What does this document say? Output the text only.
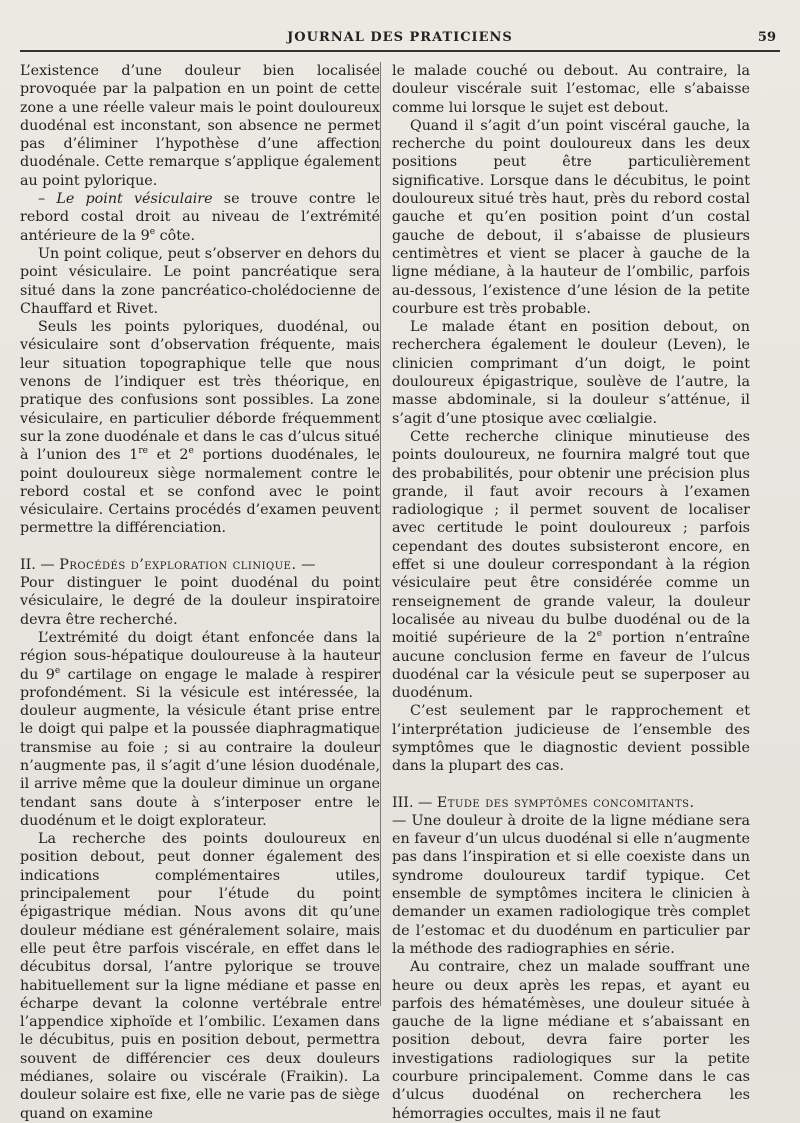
JOURNAL DES PRATICIENS	59

L’existence d’une douleur bien localisée provoquée par la palpation en un point de cette zone a une réelle valeur mais le point douloureux duodénal est inconstant, son absence ne permet pas d’éliminer l’hypothèse d’une affection duodénale. Cette remarque s’applique également au point pylorique.

– Le point vésiculaire se trouve contre le rebord costal droit au niveau de l’extrémité antérieure de la 9e côte.

Un point colique, peut s’observer en dehors du point vésiculaire. Le point pancréatique sera situé dans la zone pancréatico-cholédocienne de Chauffard et Rivet.

Seuls les points pyloriques, duodénal, ou vésiculaire sont d’observation fréquente, mais leur situation topographique telle que nous venons de l’indiquer est très théorique, en pratique des confusions sont possibles. La zone vésiculaire, en particulier déborde fréquemment sur la zone duodénale et dans le cas d’ulcus situé à l’union des 1re et 2e portions duodénales, le point douloureux siège normalement contre le rebord costal et se confond avec le point vésiculaire. Certains procédés d’examen peuvent permettre la différenciation.

II. — Procédés d’exploration clinique. —

Pour distinguer le point duodénal du point vésiculaire, le degré de la douleur inspiratoire devra être recherché.

L’extrémité du doigt étant enfoncée dans la région sous-hépatique douloureuse à la hauteur du 9e cartilage on engage le malade à respirer profondément. Si la vésicule est intéressée, la douleur augmente, la vésicule étant prise entre le doigt qui palpe et la poussée diaphragmatique transmise au foie ; si au contraire la douleur n’augmente pas, il s’agit d’une lésion duodénale, il arrive même que la douleur diminue un organe tendant sans doute à s’interposer entre le duodénum et le doigt explorateur.

La recherche des points douloureux en position debout, peut donner également des indications complémentaires utiles, principalement pour l’étude du point épigastrique médian. Nous avons dit qu’une douleur médiane est généralement solaire, mais elle peut être parfois viscérale, en effet dans le décubitus dorsal, l’antre pylorique se trouve habituellement sur la ligne médiane et passe en écharpe devant la colonne vertébrale entre l’appendice xiphoïde et l’ombilic. L’examen dans le décubitus, puis en position debout, permettra souvent de différencier ces deux douleurs médianes, solaire ou viscérale (Fraikin). La douleur solaire est fixe, elle ne varie pas de siège quand on examine

le malade couché ou debout. Au contraire, la douleur viscérale suit l’estomac, elle s’abaisse comme lui lorsque le sujet est debout.

Quand il s’agit d’un point viscéral gauche, la recherche du point douloureux dans les deux positions peut être particulièrement significative. Lorsque dans le décubitus, le point douloureux situé très haut, près du rebord costal gauche et qu’en position point d’un costal gauche de debout, il s’abaisse de plusieurs centimètres et vient se placer à gauche de la ligne médiane, à la hauteur de l’ombilic, parfois au-dessous, l’existence d’une lésion de la petite courbure est très probable.

Le malade étant en position debout, on recherchera également le douleur (Leven), le clinicien comprimant d’un doigt, le point douloureux épigastrique, soulève de l’autre, la masse abdominale, si la douleur s’atténue, il s’agit d’une ptosique avec cœlialgie.

Cette recherche clinique minutieuse des points douloureux, ne fournira malgré tout que des probabilités, pour obtenir une précision plus grande, il faut avoir recours à l’examen radiologique ; il permet souvent de localiser avec certitude le point douloureux ; parfois cependant des doutes subsisteront encore, en effet si une douleur correspondant à la région vésiculaire peut être considérée comme un renseignement de grande valeur, la douleur localisée au niveau du bulbe duodénal ou de la moitié supérieure de la 2e portion n’entraîne aucune conclusion ferme en faveur de l’ulcus duodénal car la vésicule peut se superposer au duodénum.

C’est seulement par le rapprochement et l’interprétation judicieuse de l’ensemble des symptômes que le diagnostic devient possible dans la plupart des cas.

III. — Etude des symptômes concomitants.

— Une douleur à droite de la ligne médiane sera en faveur d’un ulcus duodénal si elle n’augmente pas dans l’inspiration et si elle coexiste dans un syndrome douloureux tardif typique. Cet ensemble de symptômes incitera le clinicien à demander un examen radiologique très complet de l’estomac et du duodénum en particulier par la méthode des radiographies en série.

Au contraire, chez un malade souffrant une heure ou deux après les repas, et ayant eu parfois des hématémèses, une douleur située à gauche de la ligne médiane et s’abaissant en position debout, devra faire porter les investigations radiologiques sur la petite courbure principalement. Comme dans le cas d’ulcus duodénal on recherchera les hémorragies occultes, mais il ne faut
